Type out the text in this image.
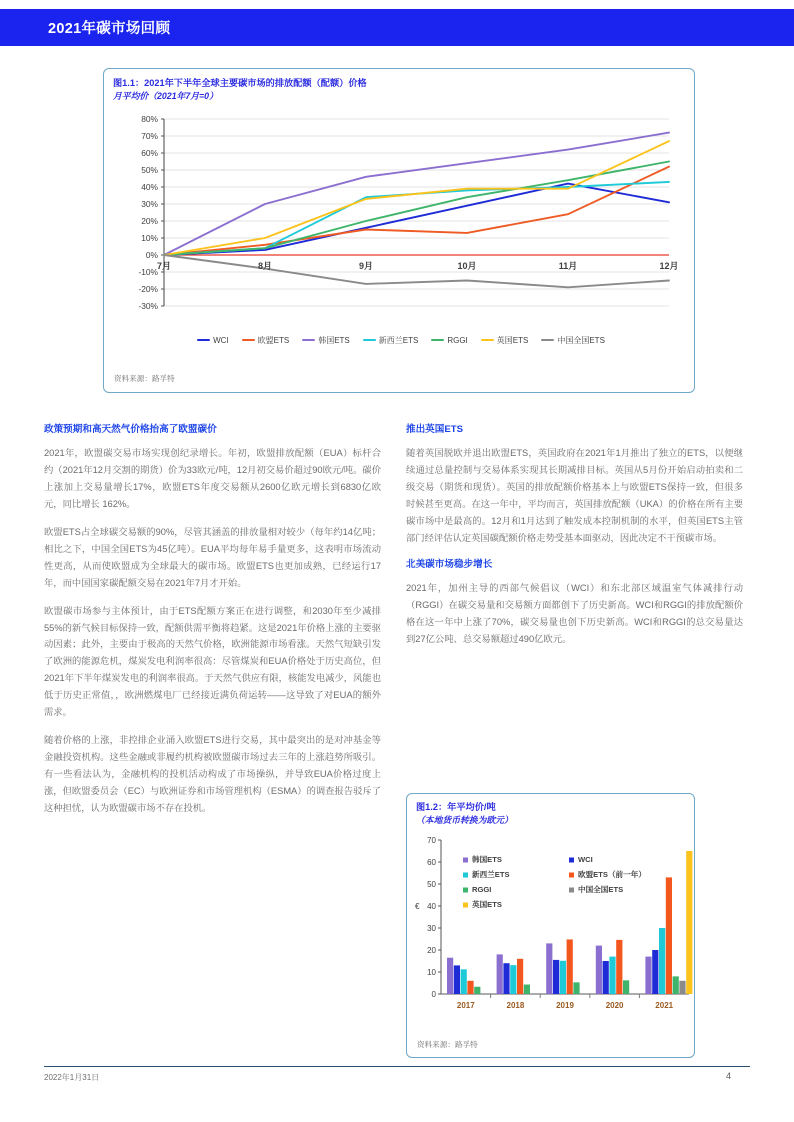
2021年碳市场回顾
图1.1：2021年下半年全球主要碳市场的排放配额（配额）价格
月平均价（2021年7月=0）
80%
70%
60%
50%
40%
30%
20%
10%
0%
-10%
-20%
-30%
7月	8月	9月	10月	11月	12月
WCI	欧盟ETS	韩国ETS	新西兰ETS	RGGI	英国ETS	中国全国ETS
资料来源：路孚特
政策预期和高天然气价格抬高了欧盟碳价

2021年，欧盟碳交易市场实现创纪录增长。年初，欧盟排放配额（EUA）标杆合约（2021年12月交割的期货）价为33欧元/吨，12月初交易价超过90欧元/吨。碳价上涨加上交易量增长17%，欧盟ETS年度交易额从2600亿欧元增长到6830亿欧元，同比增长 162%。

欧盟ETS占全球碳交易额的90%，尽管其涵盖的排放量相对较少（每年约14亿吨；相比之下，中国全国ETS为45亿吨）。EUA平均每年易手量更多，这表明市场流动性更高，从而使欧盟成为全球最大的碳市场。欧盟ETS也更加成熟，已经运行17年，而中国国家碳配额交易在2021年7月才开始。

欧盟碳市场参与主体预计，由于ETS配额方案正在进行调整，和2030年至少减排55%的新气候目标保持一致，配额供需平衡将趋紧。这是2021年价格上涨的主要驱动因素；此外，主要由于极高的天然气价格，欧洲能源市场看涨。天然气短缺引发了欧洲的能源危机，煤炭发电利润率很高：尽管煤炭和EUA价格处于历史高位，但2021年下半年煤炭发电的利润率很高。于天然气供应有限，核能发电减少，风能也低于历史正常值，，欧洲燃煤电厂已经接近满负荷运转——这导致了对EUA的额外需求。

随着价格的上涨，非控排企业涌入欧盟ETS进行交易，其中最突出的是对冲基金等金融投资机构。这些金融或非履约机构被欧盟碳市场过去三年的上涨趋势所吸引。有一些看法认为，金融机构的投机活动构成了市场操纵，并导致EUA价格过度上涨，但欧盟委员会（EC）与欧洲证券和市场管理机构（ESMA）的调查报告驳斥了这种担忧，认为欧盟碳市场不存在投机。

推出英国ETS

随着英国脱欧并退出欧盟ETS，英国政府在2021年1月推出了独立的ETS，以便继续通过总量控制与交易体系实现其长期减排目标。英国从5月份开始启动拍卖和二级交易（期货和现货）。英国的排放配额价格基本上与欧盟ETS保持一致，但很多时候甚至更高。在这一年中，平均而言，英国排放配额（UKA）的价格在所有主要碳市场中是最高的。12月和1月达到了触发成本控制机制的水平，但英国ETS主管部门经评估认定英国碳配额价格走势受基本面驱动，因此决定不干预碳市场。

北美碳市场稳步增长

2021年，加州主导的西部气候倡议（WCI）和东北部区域温室气体减排行动（RGGI）在碳交易量和交易额方面都创下了历史新高。WCI和RGGI的排放配额价格在这一年中上涨了70%，碳交易量也创下历史新高。WCI和RGGI的总交易量达到27亿公吨、总交易额超过490亿欧元。

图1.2：年平均价/吨
（本地货币转换为欧元）
0
10
20
30
40
50
60
70
€
2017	2018	2019	2020	2021
韩国ETS
新西兰ETS
RGGI
英国ETS
WCI
欧盟ETS（前一年）
中国全国ETS
资料来源：路孚特
2022年1月31日	4
